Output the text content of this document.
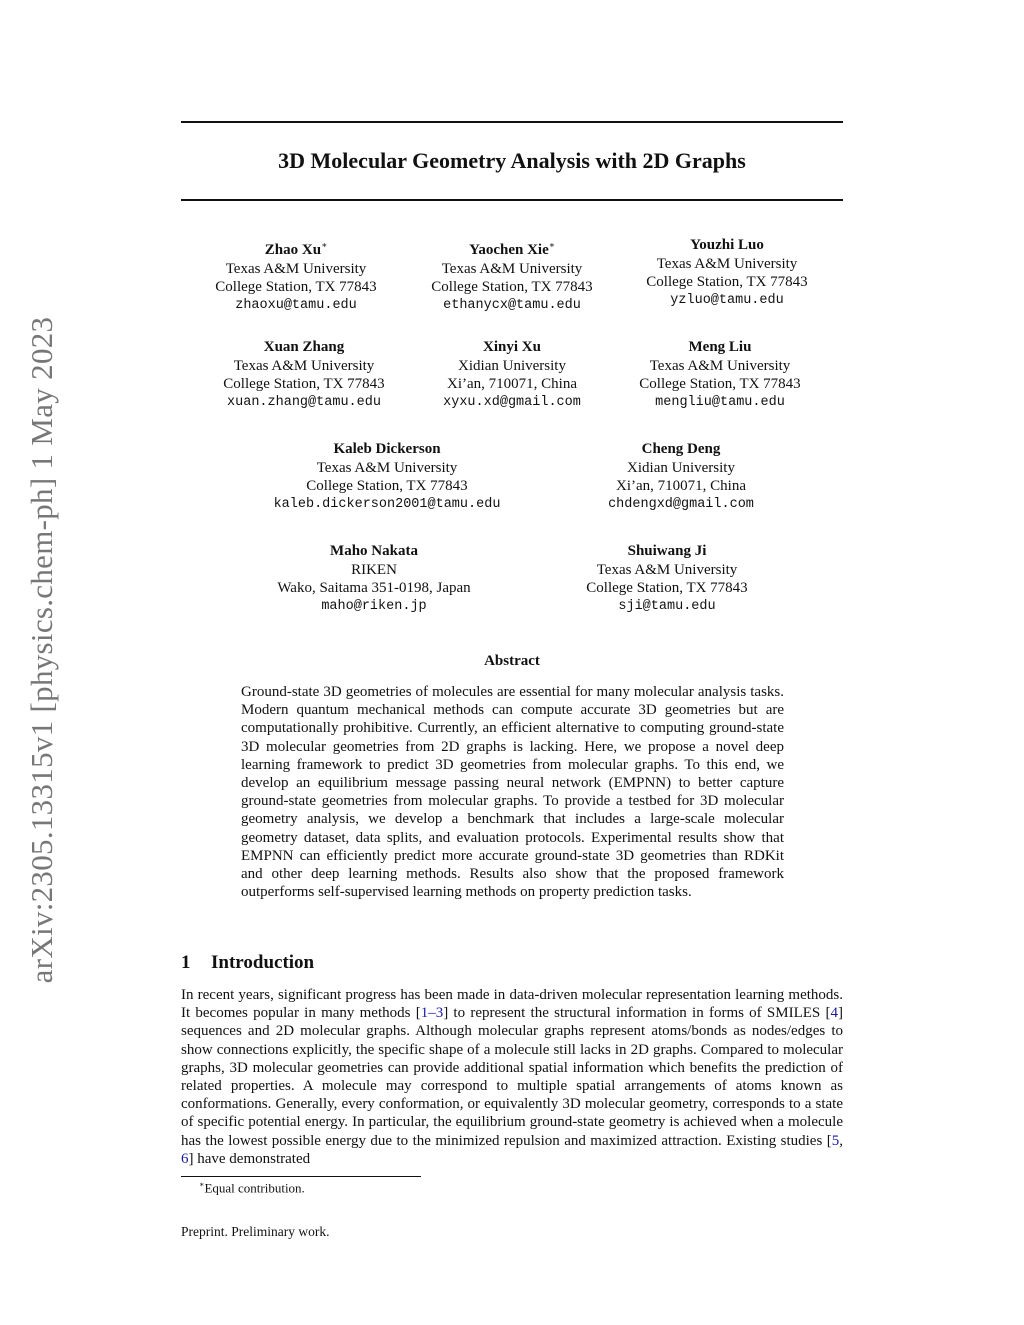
arXiv:2305.13315v1 [physics.chem-ph] 1 May 2023
3D Molecular Geometry Analysis with 2D Graphs
Zhao Xu∗
Texas A&M University
College Station, TX 77843
zhaoxu@tamu.edu
Yaochen Xie∗
Texas A&M University
College Station, TX 77843
ethanycx@tamu.edu
Youzhi Luo
Texas A&M University
College Station, TX 77843
yzluo@tamu.edu
Xuan Zhang
Texas A&M University
College Station, TX 77843
xuan.zhang@tamu.edu
Xinyi Xu
Xidian University
Xi’an, 710071, China
xyxu.xd@gmail.com
Meng Liu
Texas A&M University
College Station, TX 77843
mengliu@tamu.edu
Kaleb Dickerson
Texas A&M University
College Station, TX 77843
kaleb.dickerson2001@tamu.edu
Cheng Deng
Xidian University
Xi’an, 710071, China
chdengxd@gmail.com
Maho Nakata
RIKEN
Wako, Saitama 351-0198, Japan
maho@riken.jp
Shuiwang Ji
Texas A&M University
College Station, TX 77843
sji@tamu.edu
Abstract
Ground-state 3D geometries of molecules are essential for many molecular analysis tasks. Modern quantum mechanical methods can compute accurate 3D geometries but are computationally prohibitive. Currently, an efficient alternative to computing ground-state 3D molecular geometries from 2D graphs is lacking. Here, we propose a novel deep learning framework to predict 3D geometries from molecular graphs. To this end, we develop an equilibrium message passing neural network (EMPNN) to better capture ground-state geometries from molecular graphs. To provide a testbed for 3D molecular geometry analysis, we develop a benchmark that includes a large-scale molecular geometry dataset, data splits, and evaluation protocols. Experimental results show that EMPNN can efficiently predict more accurate ground-state 3D geometries than RDKit and other deep learning methods. Results also show that the proposed framework outperforms self-supervised learning methods on property prediction tasks.
1 Introduction
In recent years, significant progress has been made in data-driven molecular representation learning methods. It becomes popular in many methods [1–3] to represent the structural information in forms of SMILES [4] sequences and 2D molecular graphs. Although molecular graphs represent atoms/bonds as nodes/edges to show connections explicitly, the specific shape of a molecule still lacks in 2D graphs. Compared to molecular graphs, 3D molecular geometries can provide additional spatial information which benefits the prediction of related properties. A molecule may correspond to multiple spatial arrangements of atoms known as conformations. Generally, every conformation, or equivalently 3D molecular geometry, corresponds to a state of specific potential energy. In particular, the equilibrium ground-state geometry is achieved when a molecule has the lowest possible energy due to the minimized repulsion and maximized attraction. Existing studies [5, 6] have demonstrated
∗Equal contribution.
Preprint. Preliminary work.
